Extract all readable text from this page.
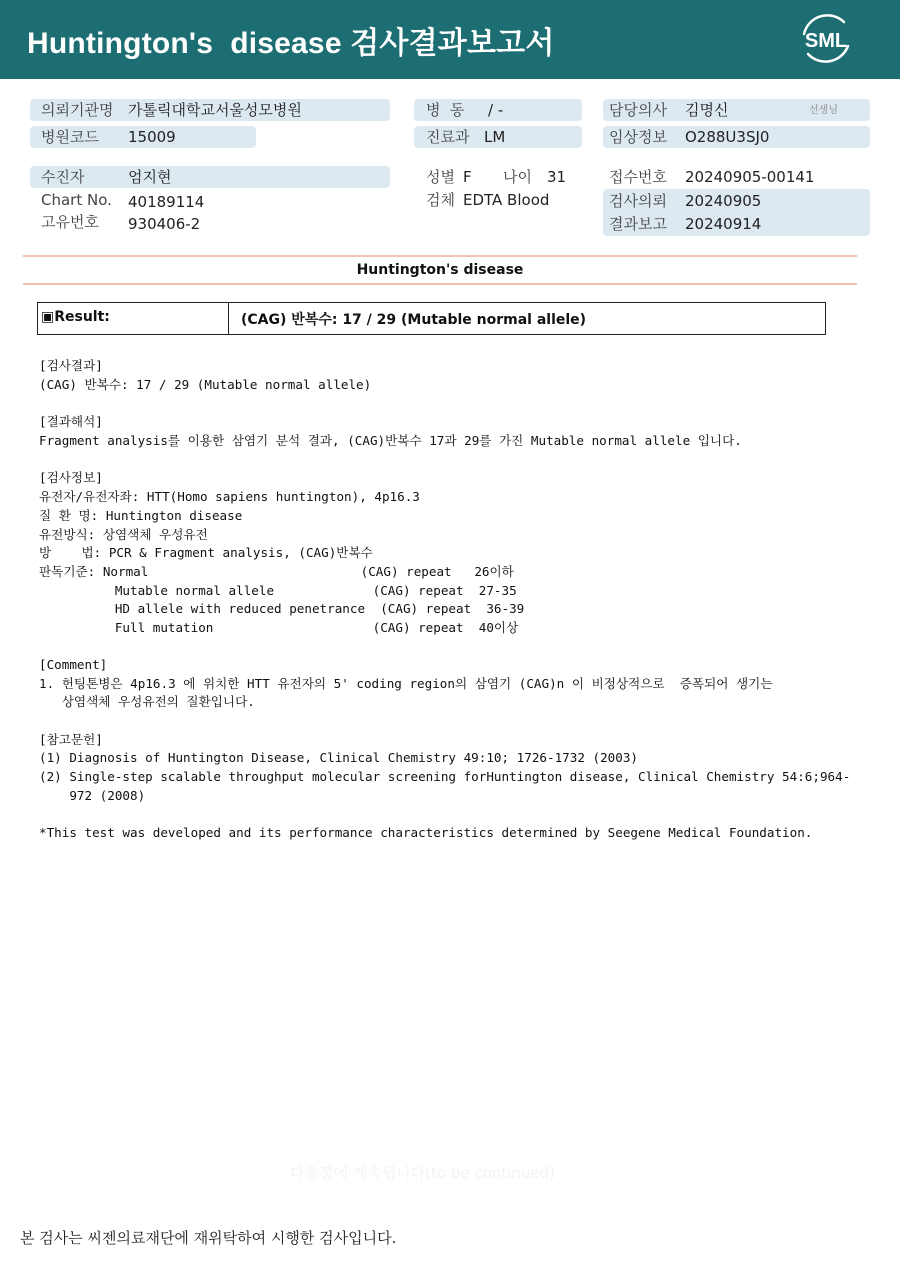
Huntington's  disease 검사결과보고서	SML
의뢰기관명 가톨릭대학교서울성모병원
병원코드 15009
병  동 / -
진료과 LM
담당의사 김명신	선생님
임상정보 O288U3SJ0
수진자	엄지현
Chart No. 40189114
고유번호 930406-2
성별 F 나이 31
검체 EDTA Blood
접수번호 20240905-00141
검사의뢰 20240905
결과보고 20240914
Huntington's disease
▣Result:	(CAG) 반복수: 17 / 29 (Mutable normal allele)
[검사결과]
(CAG) 반복수: 17 / 29 (Mutable normal allele)
[결과해석]
Fragment analysis를 이용한 삼염기 분석 결과, (CAG)반복수 17과 29를 가진 Mutable normal allele 입니다.
[검사정보]
유전자/유전자좌: HTT(Homo sapiens huntington), 4p16.3
질 환 명: Huntington disease
유전방식: 상염색체 우성유전
방    법: PCR & Fragment analysis, (CAG)반복수
판독기준: Normal                            (CAG) repeat   26이하
Mutable normal allele             (CAG) repeat  27-35
HD allele with reduced penetrance  (CAG) repeat  36-39
Full mutation                     (CAG) repeat  40이상
[Comment]
1. 헌팅톤병은 4p16.3 에 위치한 HTT 유전자의 5' coding region의 삼염기 (CAG)n 이 비정상적으로  증폭되어 생기는
상염색체 우성유전의 질환입니다.
[참고문헌]
(1) Diagnosis of Huntington Disease, Clinical Chemistry 49:10; 1726-1732 (2003)
(2) Single-step scalable throughput molecular screening forHuntington disease, Clinical Chemistry 54:6;964-
972 (2008)
*This test was developed and its performance characteristics determined by Seegene Medical Foundation.
다음장에 계속됩니다(to be continued)
본 검사는 씨젠의료재단에 재위탁하여 시행한 검사입니다.
